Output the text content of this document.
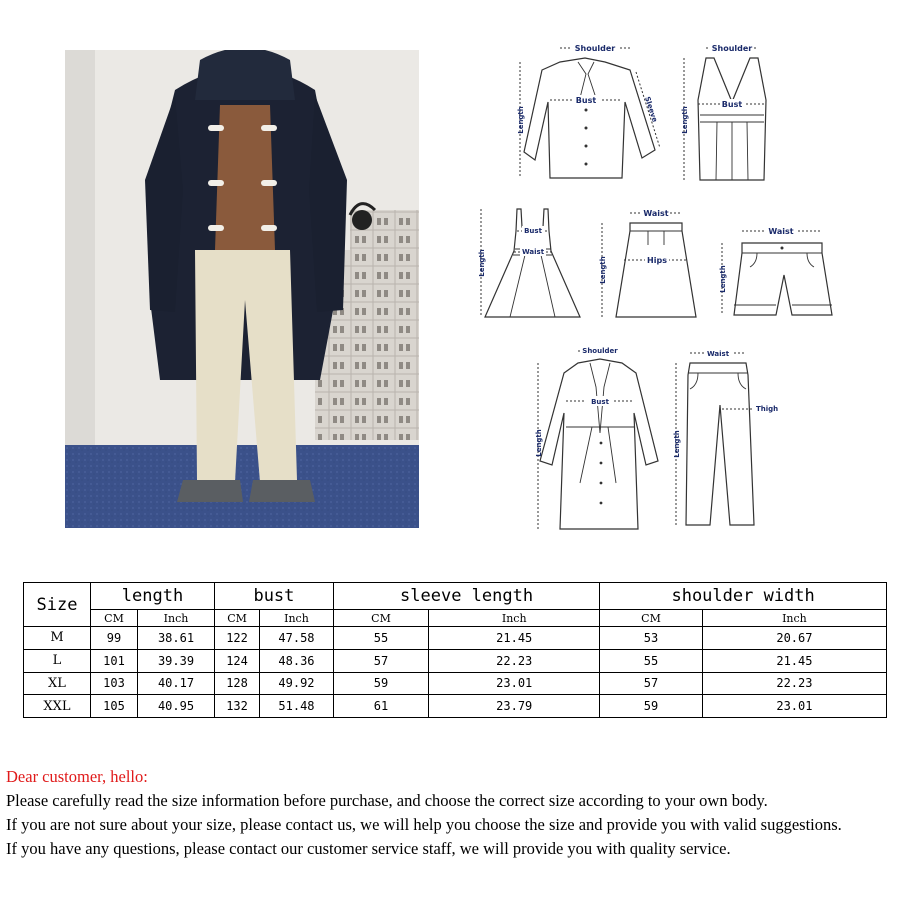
Shoulder
Bust
Length	Sleeve
Shoulder
Bust
Length
Bust
Waist
Length
Waist
Hips
Length
Waist
Length
Shoulder
Bust
Length
Waist
Thigh
Length
Size	length		bust		sleeve length		shoulder width	
	CM	Inch	CM	Inch	CM	Inch	CM	Inch
M	99	38.61	122	47.58	55	21.45	53	20.67
L	101	39.39	124	48.36	57	22.23	55	21.45
XL	103	40.17	128	49.92	59	23.01	57	22.23
XXL	105	40.95	132	51.48	61	23.79	59	23.01

Dear customer, hello:

Please carefully read the size information before purchase, and choose the correct size according to your own body.

If you are not sure about your size, please contact us, we will help you choose the size and provide you with valid suggestions.

If you have any questions, please contact our customer service staff, we will provide you with quality service.
